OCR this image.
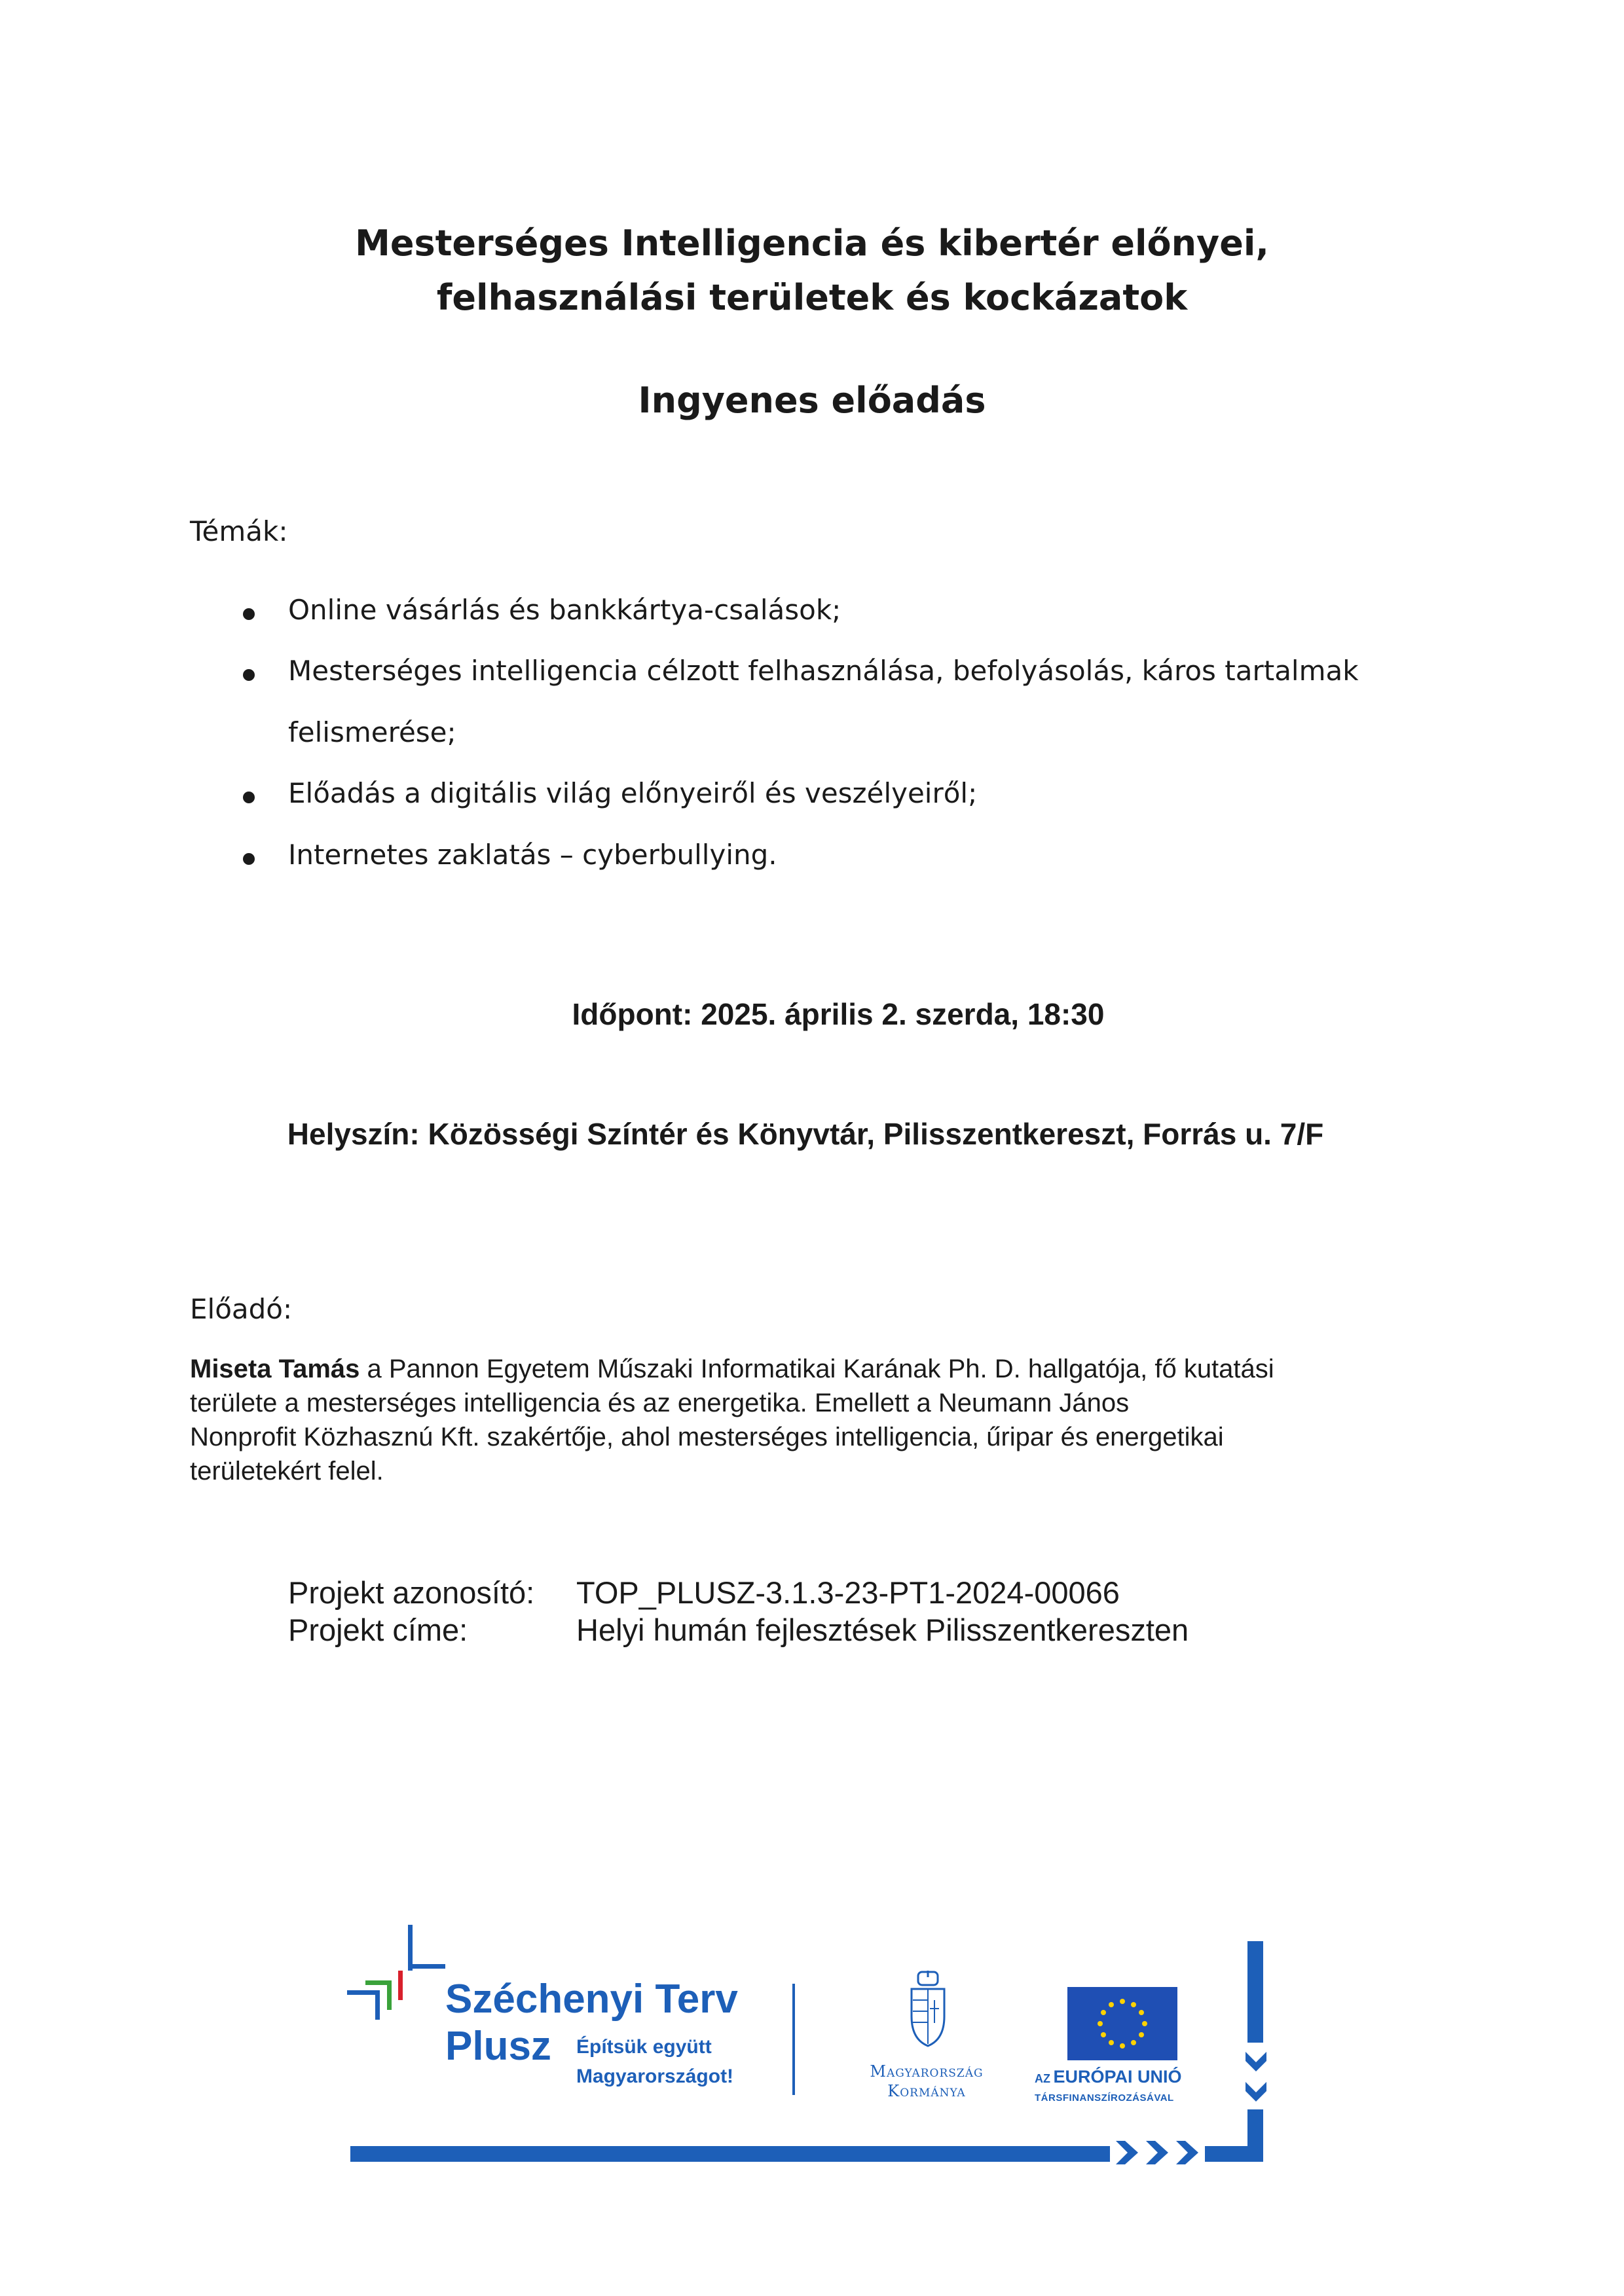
Mesterséges Intelligencia és kibertér előnyei,
felhasználási területek és kockázatok
Ingyenes előadás
Témák:
Online vásárlás és bankkártya-csalások;
Mesterséges intelligencia célzott felhasználása, befolyásolás, káros tartalmak
felismerése;
Előadás a digitális világ előnyeiről és veszélyeiről;
Internetes zaklatás – cyberbullying.
Időpont: 2025. április 2. szerda, 18:30
Helyszín: Közösségi Színtér és Könyvtár, Pilisszentkereszt, Forrás u. 7/F
Előadó:
Miseta Tamás a Pannon Egyetem Műszaki Informatikai Karának Ph. D. hallgatója, fő kutatási
területe a mesterséges intelligencia és az energetika. Emellett a Neumann János
Nonprofit Közhasznú Kft. szakértője, ahol mesterséges intelligencia, űripar és energetikai
területekért felel.
Projekt azonosító: TOP_PLUSZ-3.1.3-23-PT1-2024-00066
Projekt címe:	Helyi humán fejlesztések Pilisszentkereszten
Széchenyi Terv
Plusz Építsük együtt
Magyarországot!	Magyarország
Kormánya
AZ EURÓPAI UNIÓ
TÁRSFINANSZÍROZÁSÁVAL
